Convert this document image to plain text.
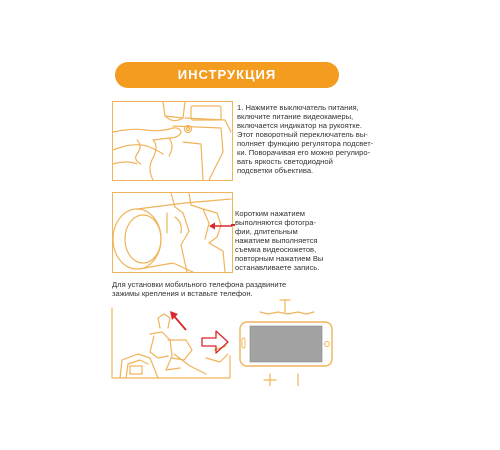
ИНСТРУКЦИЯ
1. Нажмите выключатель питания,
включите питание видеокамеры,
включается индикатор на рукоятке.
Этот поворотный переключатель вы-
полняет функцию регулятора подсвет-
ки. Поворачивая его можно регулиро-
вать яркость светодиодной
подсветки объектива.
Коротким нажатием
выполняются фотогра-
фии, длительным
нажатием выполняется
съемка видеосюжетов,
повторным нажатием Вы
останавливаете запись.
Для установки мобильного телефона раздвините
зажимы крепления и вставьте телефон.
